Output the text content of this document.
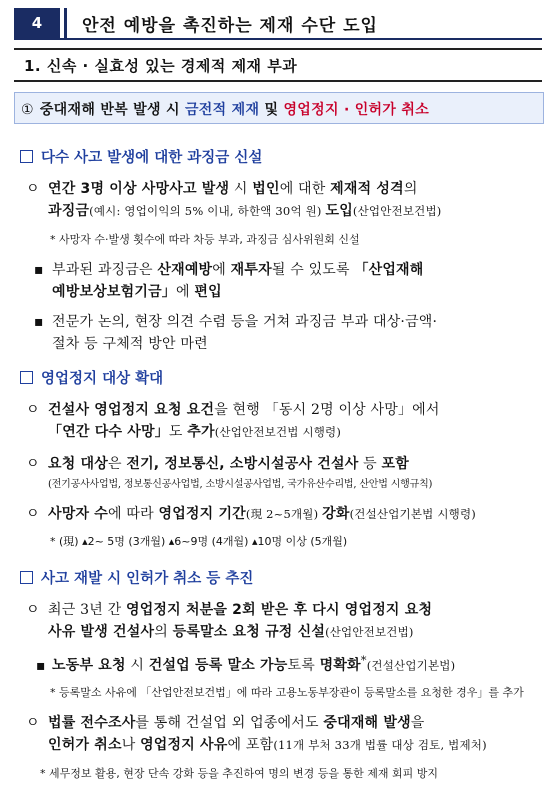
4	안전 예방을 촉진하는 제재 수단 도입
1. 신속 · 실효성 있는 경제적 제재 부과
① 중대재해 반복 발생 시 금전적 제재 및 영업정지 · 인허가 취소
다수 사고 발생에 대한 과징금 신설
ㅇ 연간 3명 이상 사망사고 발생 시 법인에 대한 제재적 성격의
과징금(예시: 영업이익의 5% 이내, 하한액 30억 원) 도입(산업안전보건법)
* 사망자 수·발생 횟수에 따라 차등 부과, 과징금 심사위원회 신설
▪ 부과된 과징금은 산재예방에 재투자될 수 있도록 「산업재해
예방보상보험기금」에 편입
▪ 전문가 논의, 현장 의견 수렴 등을 거쳐 과징금 부과 대상·금액·
절차 등 구체적 방안 마련
영업정지 대상 확대
ㅇ 건설사 영업정지 요청 요건을 현행 「동시 2명 이상 사망」에서
「연간 다수 사망」도 추가(산업안전보건법 시행령)
ㅇ 요청 대상은 전기, 정보통신, 소방시설공사 건설사 등 포함
(전기공사사업법, 정보통신공사업법, 소방시설공사업법, 국가유산수리법, 산안법 시행규칙)
ㅇ 사망자 수에 따라 영업정지 기간(現 2~5개월) 강화(건설산업기본법 시행령)
* (現) ▴2~ 5명 (3개월) ▴6~9명 (4개월) ▴10명 이상 (5개월)
사고 재발 시 인허가 취소 등 추진
ㅇ 최근 3년 간 영업정지 처분을 2회 받은 후 다시 영업정지 요청
사유 발생 건설사의 등록말소 요청 규정 신설(산업안전보건법)
▪ 노동부 요청 시 건설업 등록 말소 가능토록 명확화*(건설산업기본법)
* 등록말소 사유에 「산업안전보건법」에 따라 고용노동부장관이 등록말소를 요청한 경우」를 추가
ㅇ 법률 전수조사를 통해 건설업 외 업종에서도 중대재해 발생을
인허가 취소나 영업정지 사유에 포함(11개 부처 33개 법률 대상 검토, 법제처)
* 세무정보 활용, 현장 단속 강화 등을 추진하여 명의 변경 등을 통한 제재 회피 방지
